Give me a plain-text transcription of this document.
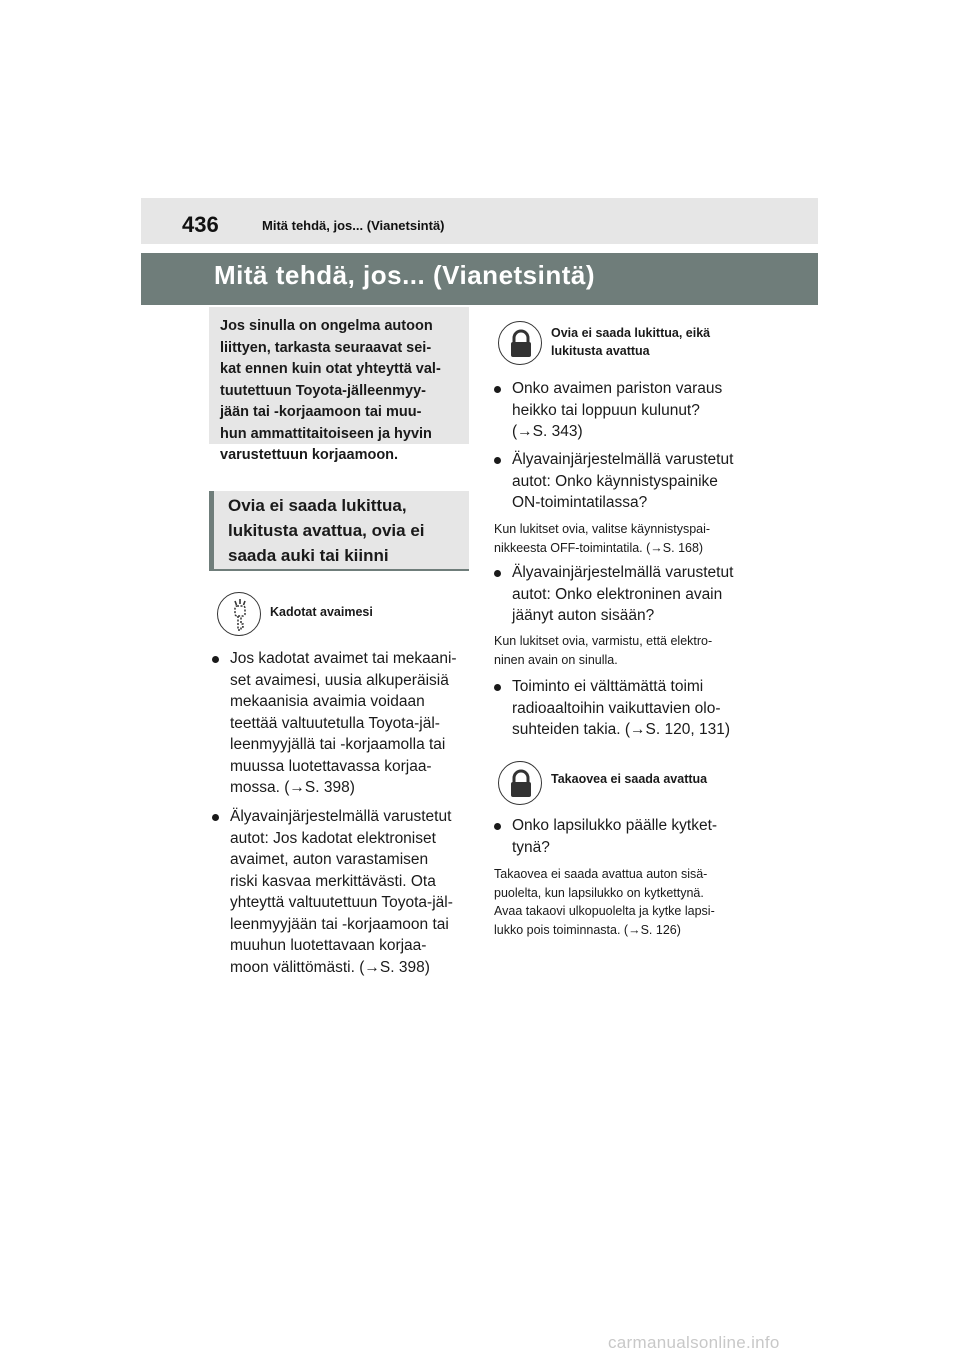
436	Mitä tehdä, jos... (Vianetsintä)
Mitä tehdä, jos... (Vianetsintä)
Jos sinulla on ongelma autoon
liittyen, tarkasta seuraavat sei-
kat ennen kuin otat yhteyttä val-
tuutettuun Toyota-jälleenmyy-
jään tai -korjaamoon tai muu-
hun ammattitaitoiseen ja hyvin
varustettuun korjaamoon.
Ovia ei saada lukittua,
lukitusta avattua, ovia ei
saada auki tai kiinni
Kadotat avaimesi
Jos kadotat avaimet tai mekaani-
set avaimesi, uusia alkuperäisiä
mekaanisia avaimia voidaan
teettää valtuutetulla Toyota-jäl-
leenmyyjällä tai -korjaamolla tai
muussa luotettavassa korjaa-
mossa. (→S. 398)
Älyavainjärjestelmällä varustetut
autot: Jos kadotat elektroniset
avaimet, auton varastamisen
riski kasvaa merkittävästi. Ota
yhteyttä valtuutettuun Toyota-jäl-
leenmyyjään tai -korjaamoon tai
muuhun luotettavaan korjaa-
moon välittömästi. (→S. 398)
Ovia ei saada lukittua, eikä
lukitusta avattua
Onko avaimen pariston varaus
heikko tai loppuun kulunut?
(→S. 343)
Älyavainjärjestelmällä varustetut
autot: Onko käynnistyspainike
ON-toimintatilassa?
Kun lukitset ovia, valitse käynnistyspai-
nikkeesta OFF-toimintatila. (→S. 168)
Älyavainjärjestelmällä varustetut
autot: Onko elektroninen avain
jäänyt auton sisään?
Kun lukitset ovia, varmistu, että elektro-
ninen avain on sinulla.
Toiminto ei välttämättä toimi
radioaaltoihin vaikuttavien olo-
suhteiden takia. (→S. 120, 131)
Takaovea ei saada avattua
Onko lapsilukko päälle kytket-
tynä?
Takaovea ei saada avattua auton sisä-
puolelta, kun lapsilukko on kytkettynä.
Avaa takaovi ulkopuolelta ja kytke lapsi-
lukko pois toiminnasta. (→S. 126)
carmanualsonline.info
